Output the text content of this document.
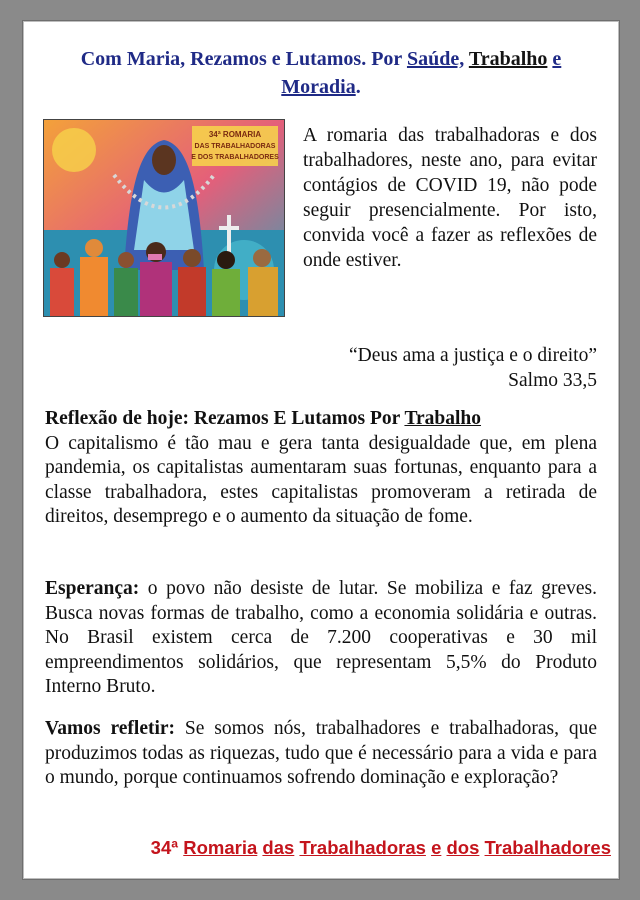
Com Maria, Rezamos e Lutamos. Por Saúde, Trabalho e
Moradia.
34ª ROMARIA
DAS TRABALHADORAS
E DOS TRABALHADORES
A romaria das trabalhadoras e dos trabalhadores, neste ano, para evitar contágios de COVID 19, não pode seguir presencialmente. Por isto, convida você a fazer as reflexões de onde estiver.
“Deus ama a justiça e o direito”
Salmo 33,5
Reflexão de hoje: Rezamos E Lutamos Por Trabalho
O capitalismo é tão mau e gera tanta desigualdade que, em plena pandemia, os capitalistas aumentaram suas fortunas, enquanto para a classe trabalhadora, estes capitalistas promoveram a retirada de direitos, desemprego e o aumento da situação de fome.
Esperança: o povo não desiste de lutar. Se mobiliza e faz greves. Busca novas formas de trabalho, como a economia solidária e outras. No Brasil existem cerca de 7.200 cooperativas e 30 mil empreendimentos solidários, que representam 5,5% do Produto Interno Bruto.
Vamos refletir: Se somos nós, trabalhadores e trabalhadoras, que produzimos todas as riquezas, tudo que é necessário para a vida e para o mundo, porque continuamos sofrendo dominação e exploração?
34ª Romaria das Trabalhadoras e dos Trabalhadores
